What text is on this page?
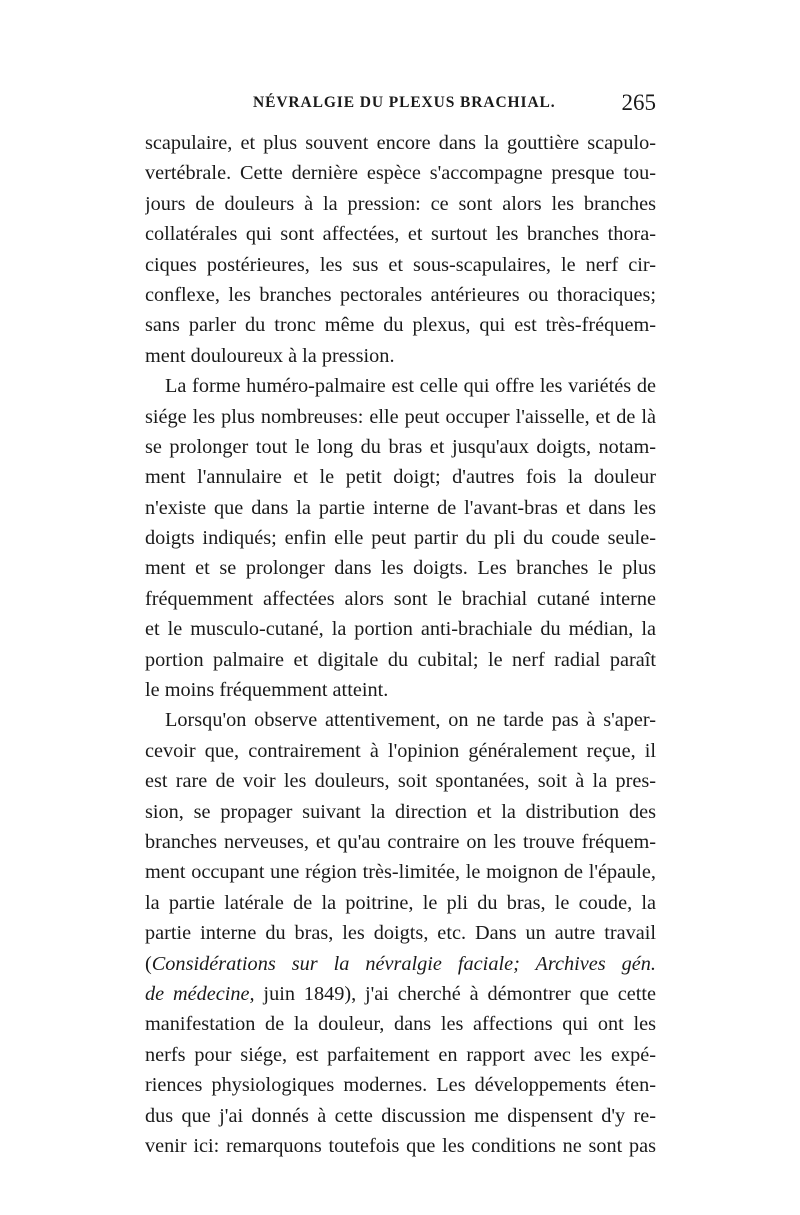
NÉVRALGIE DU PLEXUS BRACHIAL.	265
scapulaire, et plus souvent encore dans la gouttière scapulo-
vertébrale. Cette dernière espèce s'accompagne presque tou-
jours de douleurs à la pression: ce sont alors les branches
collatérales qui sont affectées, et surtout les branches thora-
ciques postérieures, les sus et sous-scapulaires, le nerf cir-
conflexe, les branches pectorales antérieures ou thoraciques;
sans parler du tronc même du plexus, qui est très-fréquem-
ment douloureux à la pression.
La forme huméro-palmaire est celle qui offre les variétés de
siége les plus nombreuses: elle peut occuper l'aisselle, et de là
se prolonger tout le long du bras et jusqu'aux doigts, notam-
ment l'annulaire et le petit doigt; d'autres fois la douleur
n'existe que dans la partie interne de l'avant-bras et dans les
doigts indiqués; enfin elle peut partir du pli du coude seule-
ment et se prolonger dans les doigts. Les branches le plus
fréquemment affectées alors sont le brachial cutané interne
et le musculo-cutané, la portion anti-brachiale du médian, la
portion palmaire et digitale du cubital; le nerf radial paraît
le moins fréquemment atteint.
Lorsqu'on observe attentivement, on ne tarde pas à s'aper-
cevoir que, contrairement à l'opinion généralement reçue, il
est rare de voir les douleurs, soit spontanées, soit à la pres-
sion, se propager suivant la direction et la distribution des
branches nerveuses, et qu'au contraire on les trouve fréquem-
ment occupant une région très-limitée, le moignon de l'épaule,
la partie latérale de la poitrine, le pli du bras, le coude, la
partie interne du bras, les doigts, etc. Dans un autre travail
(Considérations sur la névralgie faciale; Archives gén.
de médecine, juin 1849), j'ai cherché à démontrer que cette
manifestation de la douleur, dans les affections qui ont les
nerfs pour siége, est parfaitement en rapport avec les expé-
riences physiologiques modernes. Les développements éten-
dus que j'ai donnés à cette discussion me dispensent d'y re-
venir ici: remarquons toutefois que les conditions ne sont pas
